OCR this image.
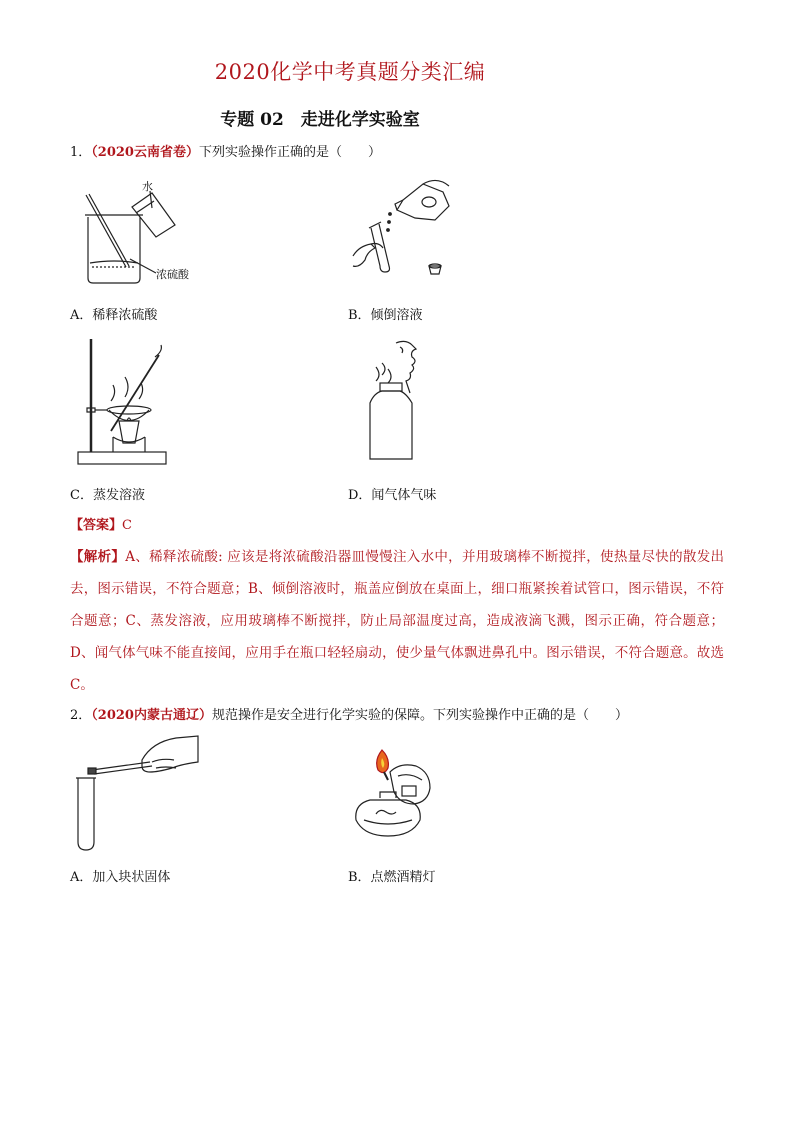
2020化学中考真题分类汇编
专题 02　走进化学实验室
1．（2020云南省卷）下列实验操作正确的是（　　）
水
浓硫酸
A．稀释浓硫酸	B．倾倒溶液
C．蒸发溶液	D．闻气体气味
【答案】C
【解析】A、稀释浓硫酸: 应该是将浓硫酸沿器皿慢慢注入水中，并用玻璃棒不断搅拌，使热量尽快的散发出去，图示错误，不符合题意；B、倾倒溶液时，瓶盖应倒放在桌面上，细口瓶紧挨着试管口，图示错误，不符合题意；C、蒸发溶液，应用玻璃棒不断搅拌，防止局部温度过高，造成液滴飞溅，图示正确，符合题意；D、闻气体气味不能直接闻，应用手在瓶口轻轻扇动，使少量气体飘进鼻孔中。图示错误，不符合题意。故选C。
2．（2020内蒙古通辽）规范操作是安全进行化学实验的保障。下列实验操作中正确的是（　　）
A．加入块状固体	B．点燃酒精灯
